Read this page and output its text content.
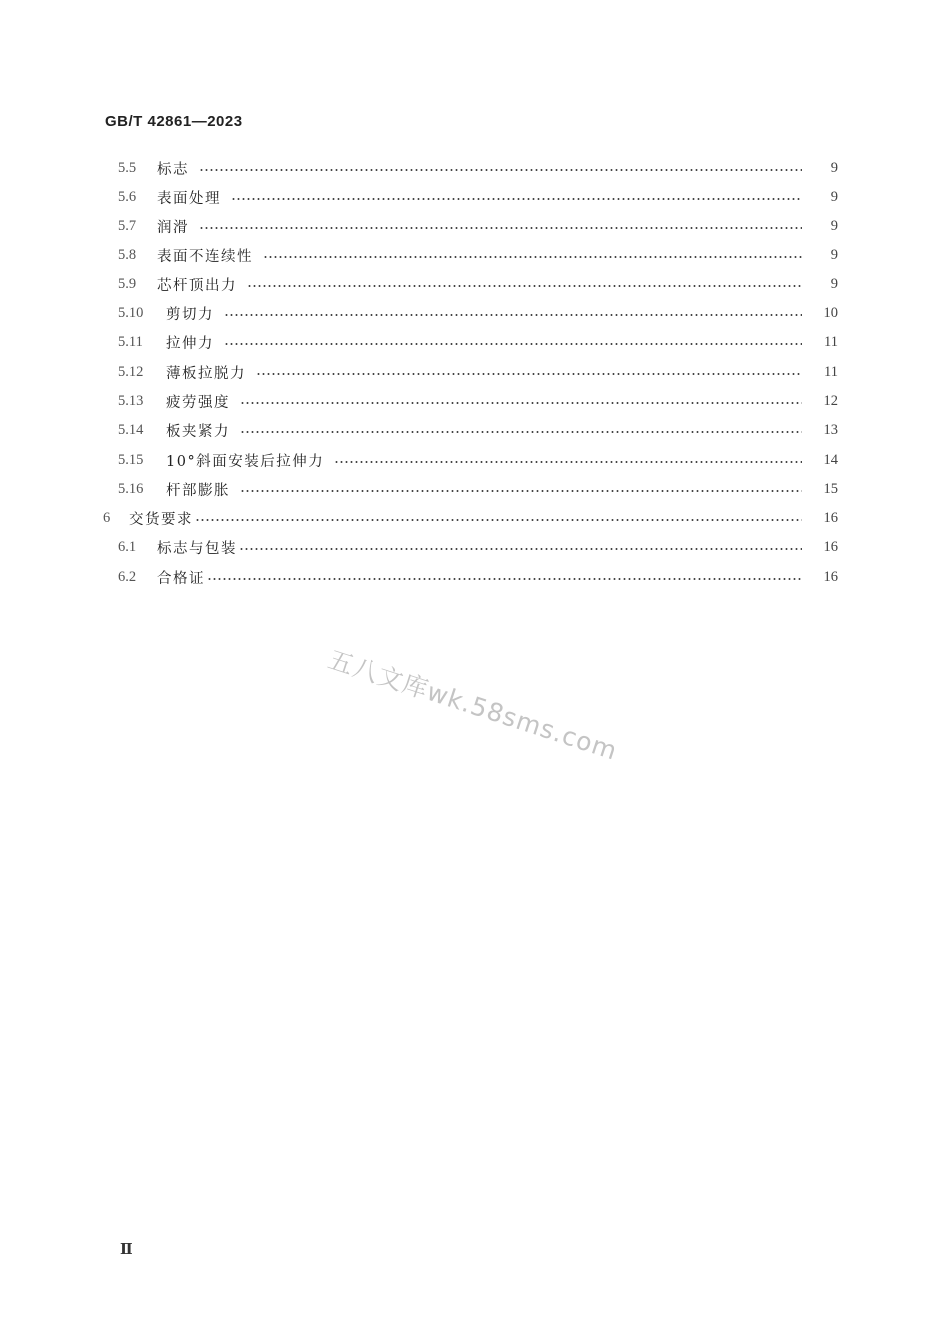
GB/T 42861—2023
5.5	标志	9
5.6	表面处理	9
5.7	润滑	9
5.8	表面不连续性	9
5.9	芯杆顶出力	9
5.10	剪切力	10
5.11	拉伸力	11
5.12	薄板拉脱力	11
5.13	疲劳强度	12
5.14	板夹紧力	13
5.15	10°斜面安装后拉伸力	14
5.16	杆部膨胀	15
6	交货要求	16
6.1	标志与包装	16
6.2	合格证	16
五八文库wk.58sms.com
Ⅱ
